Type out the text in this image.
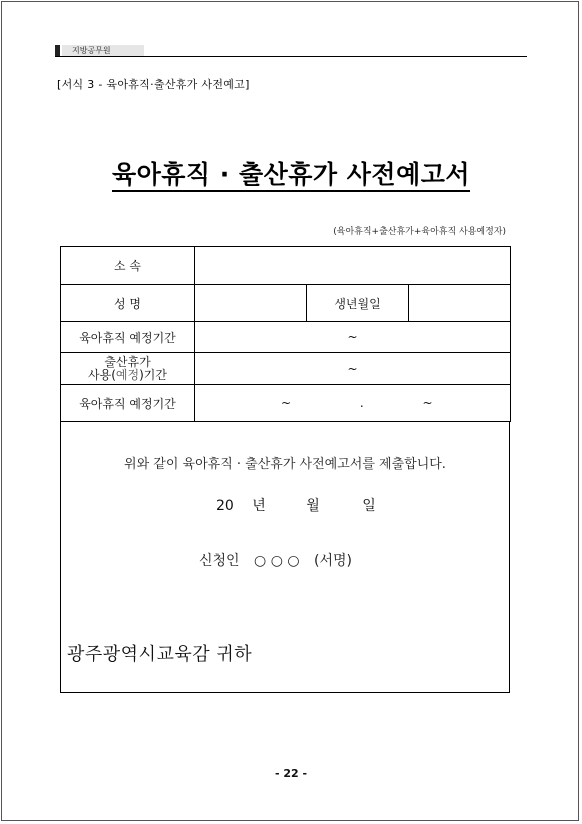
지방공무원
[서식 3 - 육아휴직·출산휴가 사전예고]
육아휴직 · 출산휴가 사전예고서
(육아휴직+출산휴가+육아휴직 사용예정자)
소 속			
성 명		생년월일	
육아휴직 예정기간	~		

출산휴가
사용(예정)기간	~		
육아휴직 예정기간	~ . ~		
위와 같이 육아휴직 · 출산휴가 사전예고서를 제출합니다.
20 년	월	일
신청인 ○ ○ ○ (서명)
광주광역시교육감 귀하
- 22 -
